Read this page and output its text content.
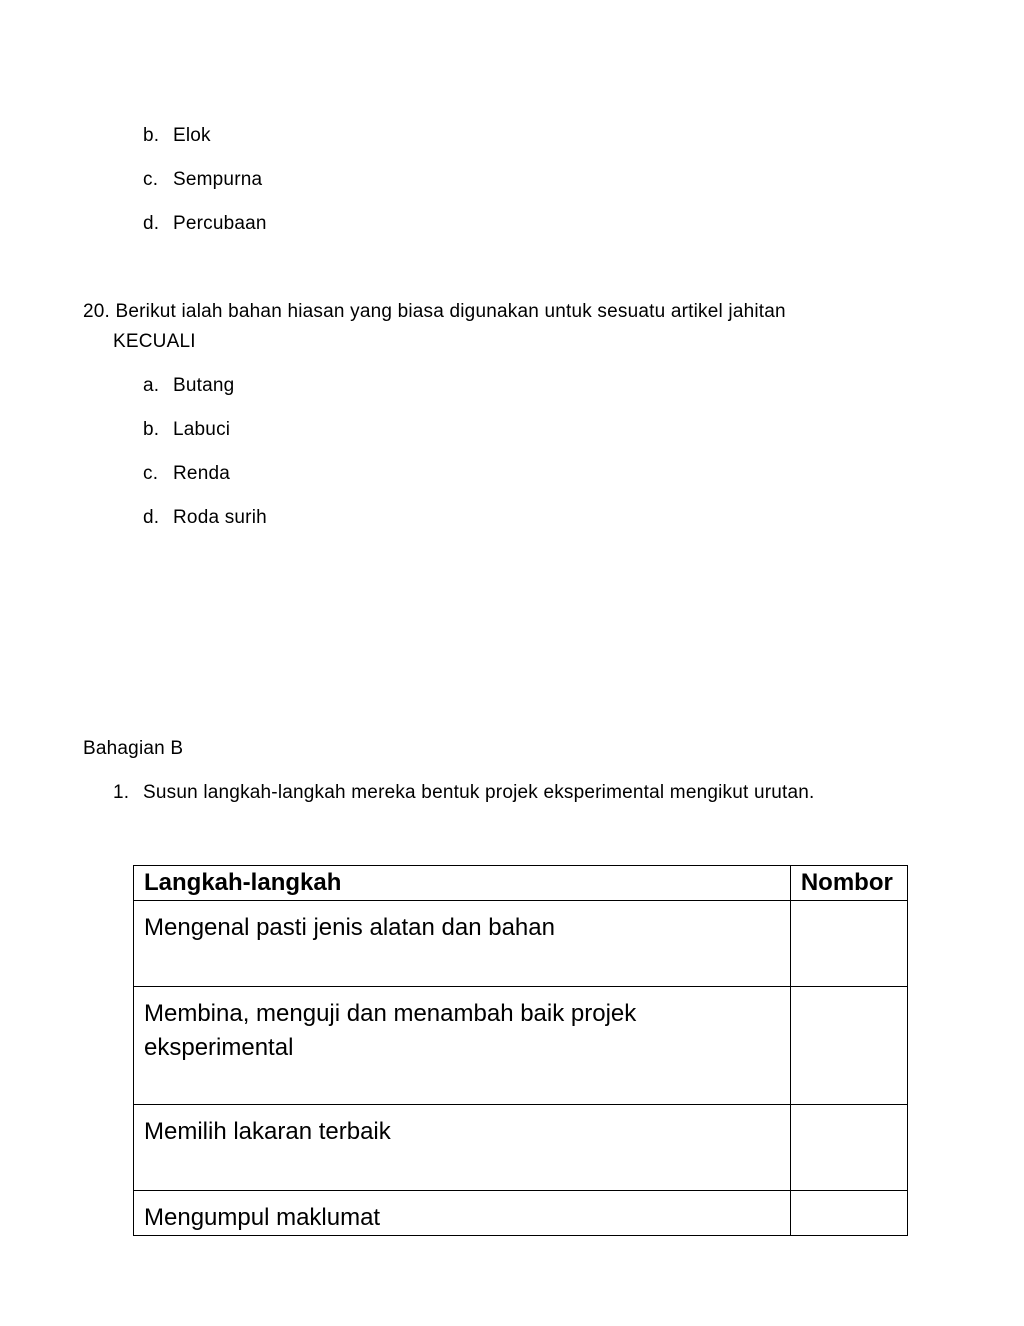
b. Elok
c. Sempurna
d. Percubaan
20. Berikut ialah bahan hiasan yang biasa digunakan untuk sesuatu artikel jahitan
KECUALI
a. Butang
b. Labuci
c. Renda
d. Roda surih
Bahagian B
1. Susun langkah-langkah mereka bentuk projek eksperimental mengikut urutan.
Langkah-langkah	Nombor

Mengenal pasti jenis alatan dan bahan	

Membina, menguji dan menambah baik projek
eksperimental	

Memilih lakaran terbaik	

Mengumpul maklumat	
